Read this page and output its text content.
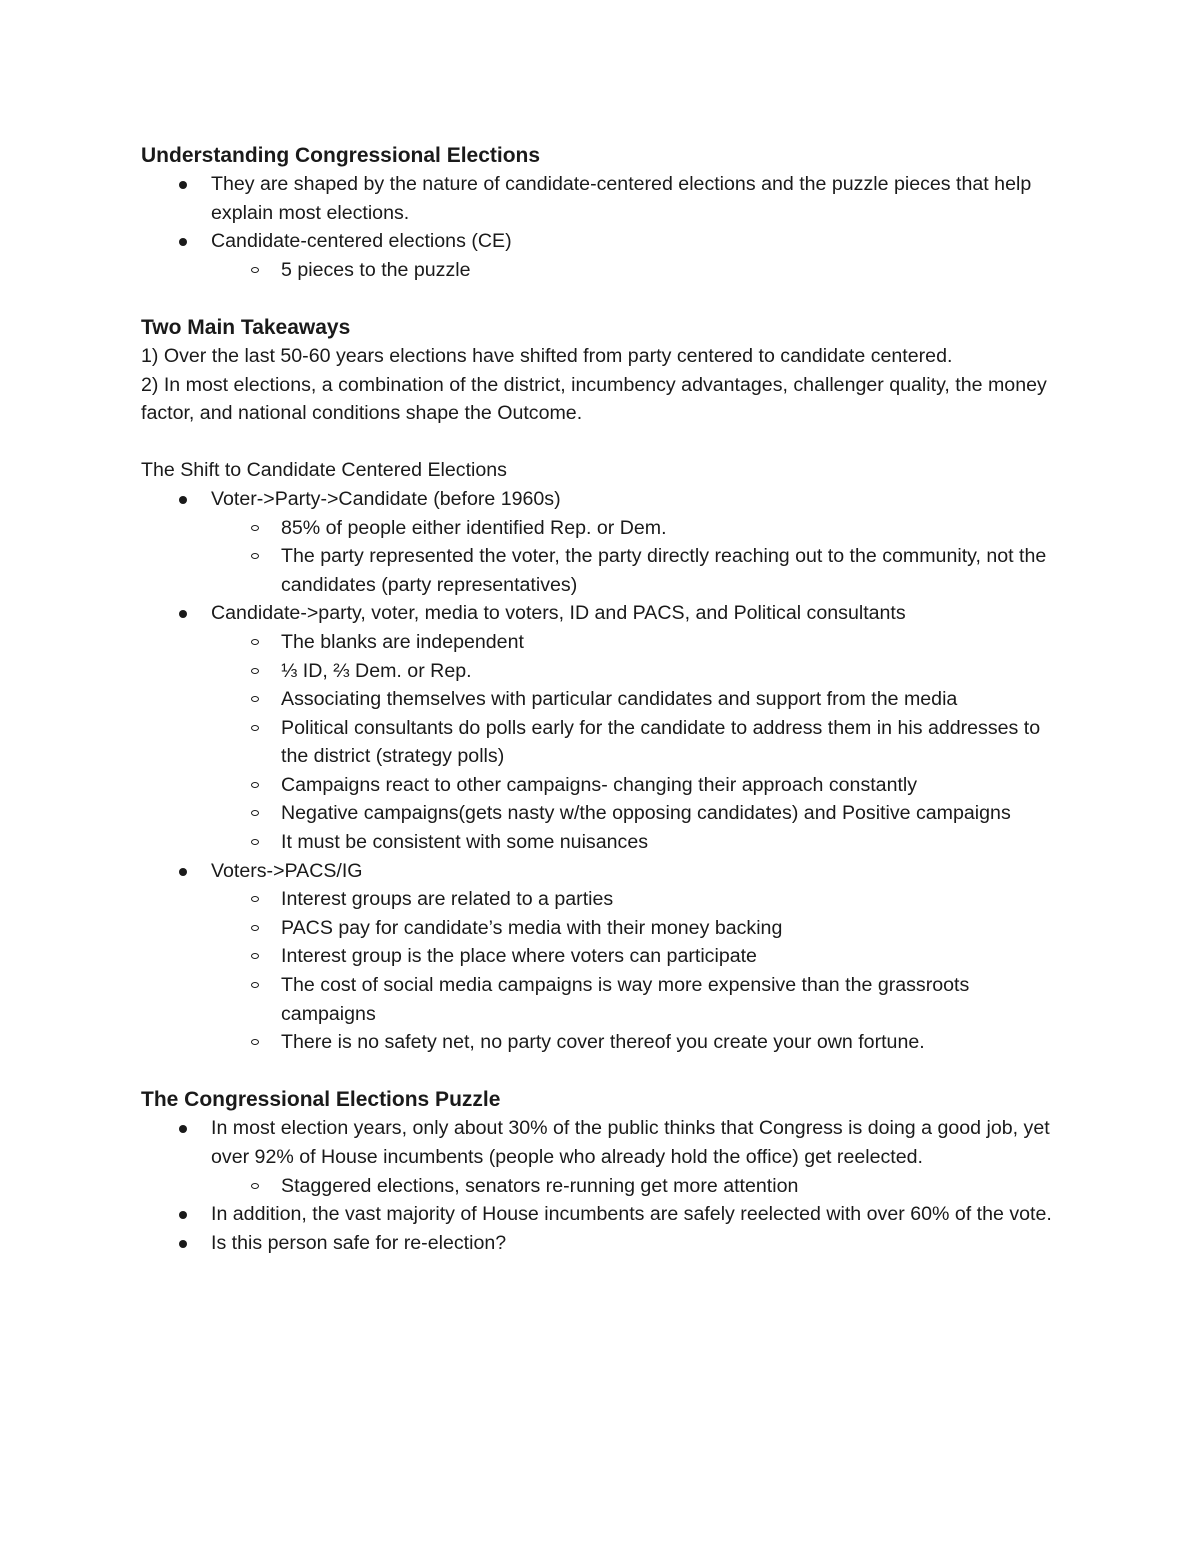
Understanding Congressional Elections
They are shaped by the nature of candidate-centered elections and the puzzle pieces that help explain most elections.
Candidate-centered elections (CE)
5 pieces to the puzzle
Two Main Takeaways

1) Over the last 50-60 years elections have shifted from party centered to candidate centered.

2) In most elections, a combination of the district, incumbency advantages, challenger quality, the money factor, and national conditions shape the Outcome.

The Shift to Candidate Centered Elections

Voter->Party->Candidate (before 1960s)
85% of people either identified Rep. or Dem.
The party represented the voter, the party directly reaching out to the community, not the candidates (party representatives)
Candidate->party, voter, media to voters, ID and PACS, and Political consultants
The blanks are independent
⅓ ID, ⅔ Dem. or Rep.
Associating themselves with particular candidates and support from the media
Political consultants do polls early for the candidate to address them in his addresses to the district (strategy polls)
Campaigns react to other campaigns- changing their approach constantly
Negative campaigns(gets nasty w/the opposing candidates) and Positive campaigns
It must be consistent with some nuisances
Voters->PACS/IG
Interest groups are related to a parties
PACS pay for candidate’s media with their money backing
Interest group is the place where voters can participate
The cost of social media campaigns is way more expensive than the grassroots campaigns
There is no safety net, no party cover thereof you create your own fortune.
The Congressional Elections Puzzle
In most election years, only about 30% of the public thinks that Congress is doing a good job, yet over 92% of House incumbents (people who already hold the office) get reelected.
Staggered elections, senators re-running get more attention
In addition, the vast majority of House incumbents are safely reelected with over 60% of the vote.
Is this person safe for re-election?
